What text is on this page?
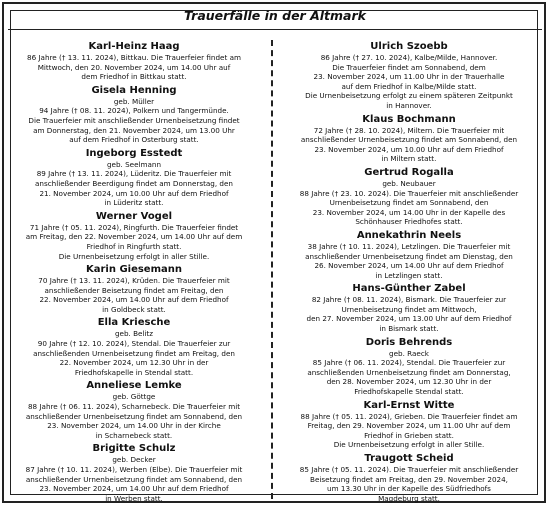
Trauerfälle in der Altmark

Karl-Heinz Haag

86 Jahre († 13. 11. 2024), Bittkau. Die Trauerfeier findet am

Mittwoch, den 20. November 2024, um 14.00 Uhr auf

dem Friedhof in Bittkau statt.

Gisela Henning

geb. Müller

94 Jahre († 08. 11. 2024), Polkern und Tangermünde.

Die Trauerfeier mit anschließender Urnenbeisetzung findet

am Donnerstag, den 21. November 2024, um 13.00 Uhr

auf dem Friedhof in Osterburg statt.

Ingeborg Esstedt

geb. Seelmann

89 Jahre († 13. 11. 2024), Lüderitz. Die Trauerfeier mit

anschließender Beerdigung findet am Donnerstag, den

21. November 2024, um 10.00 Uhr auf dem Friedhof

in Lüderitz statt.

Werner Vogel

71 Jahre († 05. 11. 2024), Ringfurth. Die Trauerfeier findet

am Freitag, den 22. November 2024, um 14.00 Uhr auf dem

Friedhof in Ringfurth statt.

Die Urnenbeisetzung erfolgt in aller Stille.

Karin Giesemann

70 Jahre († 13. 11. 2024), Krüden. Die Trauerfeier mit

anschließender Beisetzung findet am Freitag, den

22. November 2024, um 14.00 Uhr auf dem Friedhof

in Goldbeck statt.

Ella Kriesche

geb. Belitz

90 Jahre († 12. 10. 2024), Stendal. Die Trauerfeier zur

anschließenden Urnenbeisetzung findet am Freitag, den

22. November 2024, um 12.30 Uhr in der

Friedhofskapelle in Stendal statt.

Anneliese Lemke

geb. Göttge

88 Jahre († 06. 11. 2024), Scharnebeck. Die Trauerfeier mit

anschließender Urnenbeisetzung findet am Sonnabend, den

23. November 2024, um 14.00 Uhr in der Kirche

in Scharnebeck statt.

Brigitte Schulz

geb. Decker

87 Jahre († 10. 11. 2024), Werben (Elbe). Die Trauerfeier mit

anschließender Urnenbeisetzung findet am Sonnabend, den

23. November 2024, um 14.00 Uhr auf dem Friedhof

in Werben statt.

Ulrich Szoebb

86 Jahre († 27. 10. 2024), Kalbe/Milde, Hannover.

Die Trauerfeier findet am Sonnabend, dem

23. November 2024, um 11.00 Uhr in der Trauerhalle

auf dem Friedhof in Kalbe/Milde statt.

Die Urnenbeisetzung erfolgt zu einem späteren Zeitpunkt

in Hannover.

Klaus Bochmann

72 Jahre († 28. 10. 2024), Miltern. Die Trauerfeier mit

anschließender Urnenbeisetzung findet am Sonnabend, den

23. November 2024, um 10.00 Uhr auf dem Friedhof

in Miltern statt.

Gertrud Rogalla

geb. Neubauer

88 Jahre († 23. 10. 2024). Die Trauerfeier mit anschließender

Urnenbeisetzung findet am Sonnabend, den

23. November 2024, um 14.00 Uhr in der Kapelle des

Schönhauser Friedhofes statt.

Annekathrin Neels

38 Jahre († 10. 11. 2024), Letzlingen. Die Trauerfeier mit

anschließender Urnenbeisetzung findet am Dienstag, den

26. November 2024, um 14.00 Uhr auf dem Friedhof

in Letzlingen statt.

Hans-Günther Zabel

82 Jahre († 08. 11. 2024), Bismark. Die Trauerfeier zur

Urnenbeisetzung findet am Mittwoch,

den 27. November 2024, um 13.00 Uhr auf dem Friedhof

in Bismark statt.

Doris Behrends

geb. Raeck

85 Jahre († 06. 11. 2024), Stendal. Die Trauerfeier zur

anschließenden Urnenbeisetzung findet am Donnerstag,

den 28. November 2024, um 12.30 Uhr in der

Friedhofskapelle Stendal statt.

Karl-Ernst Witte

88 Jahre († 05. 11. 2024), Grieben. Die Trauerfeier findet am

Freitag, den 29. November 2024, um 11.00 Uhr auf dem

Friedhof in Grieben statt.

Die Urnenbeisetzung erfolgt in aller Stille.

Traugott Scheid

85 Jahre († 05. 11. 2024). Die Trauerfeier mit anschließender

Beisetzung findet am Freitag, den 29. November 2024,

um 13.30 Uhr in der Kapelle des Südfriedhofs

Magdeburg statt.
